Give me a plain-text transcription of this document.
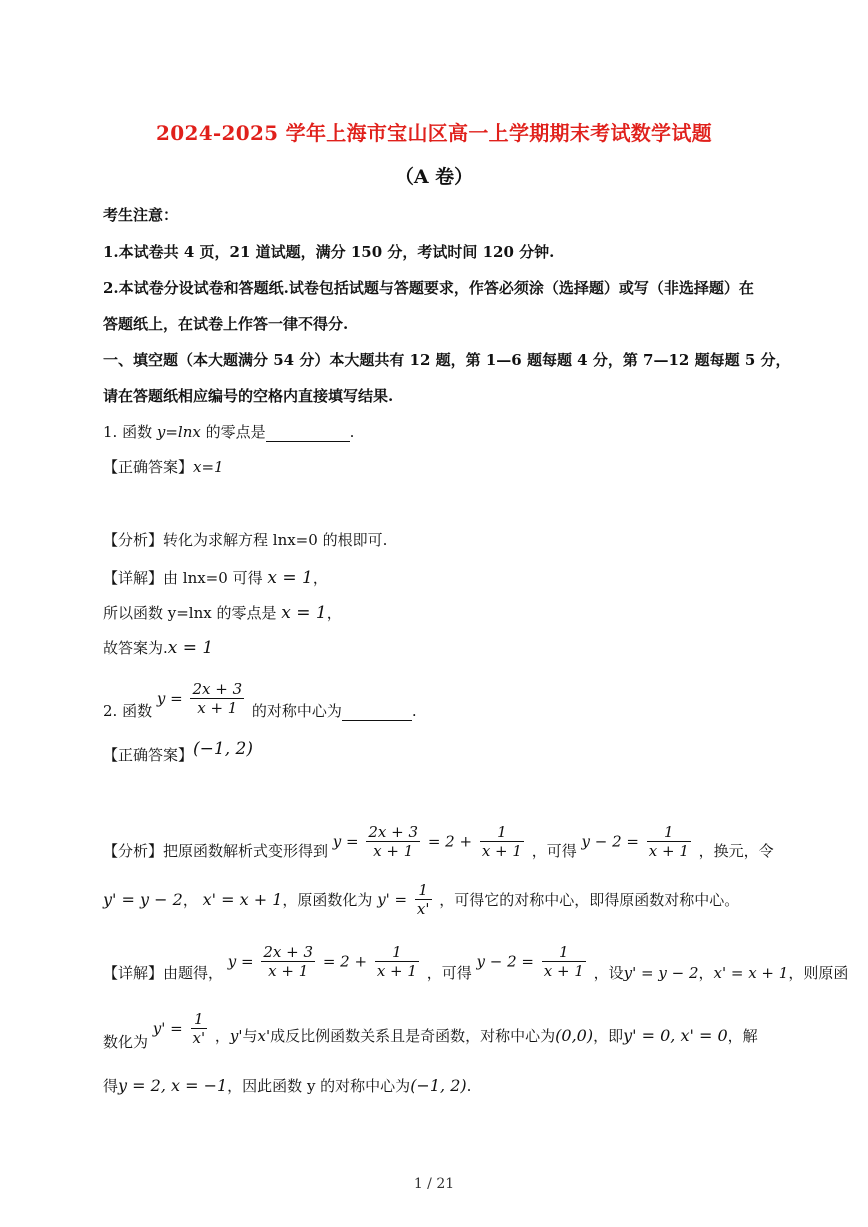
2024-2025 学年上海市宝山区高一上学期期末考试数学试题
（A 卷）
考生注意：
1.本试卷共 4 页，21 道试题，满分 150 分，考试时间 120 分钟.
2.本试卷分设试卷和答题纸.试卷包括试题与答题要求，作答必须涂（选择题）或写（非选择题）在
答题纸上，在试卷上作答一律不得分.
一、填空题（本大题满分 54 分）本大题共有 12 题，第 1—6 题每题 4 分，第 7—12 题每题 5 分，
请在答题纸相应编号的空格内直接填写结果.
1. 函数 y=lnx 的零点是	.
【正确答案】x=1
【分析】转化为求解方程 lnx=0 的根即可.
【详解】由 lnx=0 可得 x = 1，
所以函数 y=lnx 的零点是 x = 1，
故答案为.x = 1
2. 函数 $y = \frac{2x + 3}{x + 1}$ 的对称中心为	.
【正确答案】(−1, 2)
【分析】把原函数解析式变形得到 $y = \frac{2x + 3}{x + 1} = 2 + \frac{1}{x + 1}$ ，可得 $y - 2 = \frac{1}{x + 1}$ ，换元，令
y' = y − 2， x' = x + 1，原函数化为 $y' = \frac{1}{x'}$ ，可得它的对称中心，即得原函数对称中心。
【详解】由题得， $y = \frac{2x + 3}{x + 1} = 2 + \frac{1}{x + 1}$ ，可得 $y - 2 = \frac{1}{x + 1}$ ，设y' = y − 2，x' = x + 1，则原函
数化为 $y' = \frac{1}{x'}$ ，y'与x'成反比例函数关系且是奇函数，对称中心为(0,0)，即y' = 0, x' = 0，解
得y = 2, x = −1，因此函数 y 的对称中心为(−1, 2).
1 / 21
